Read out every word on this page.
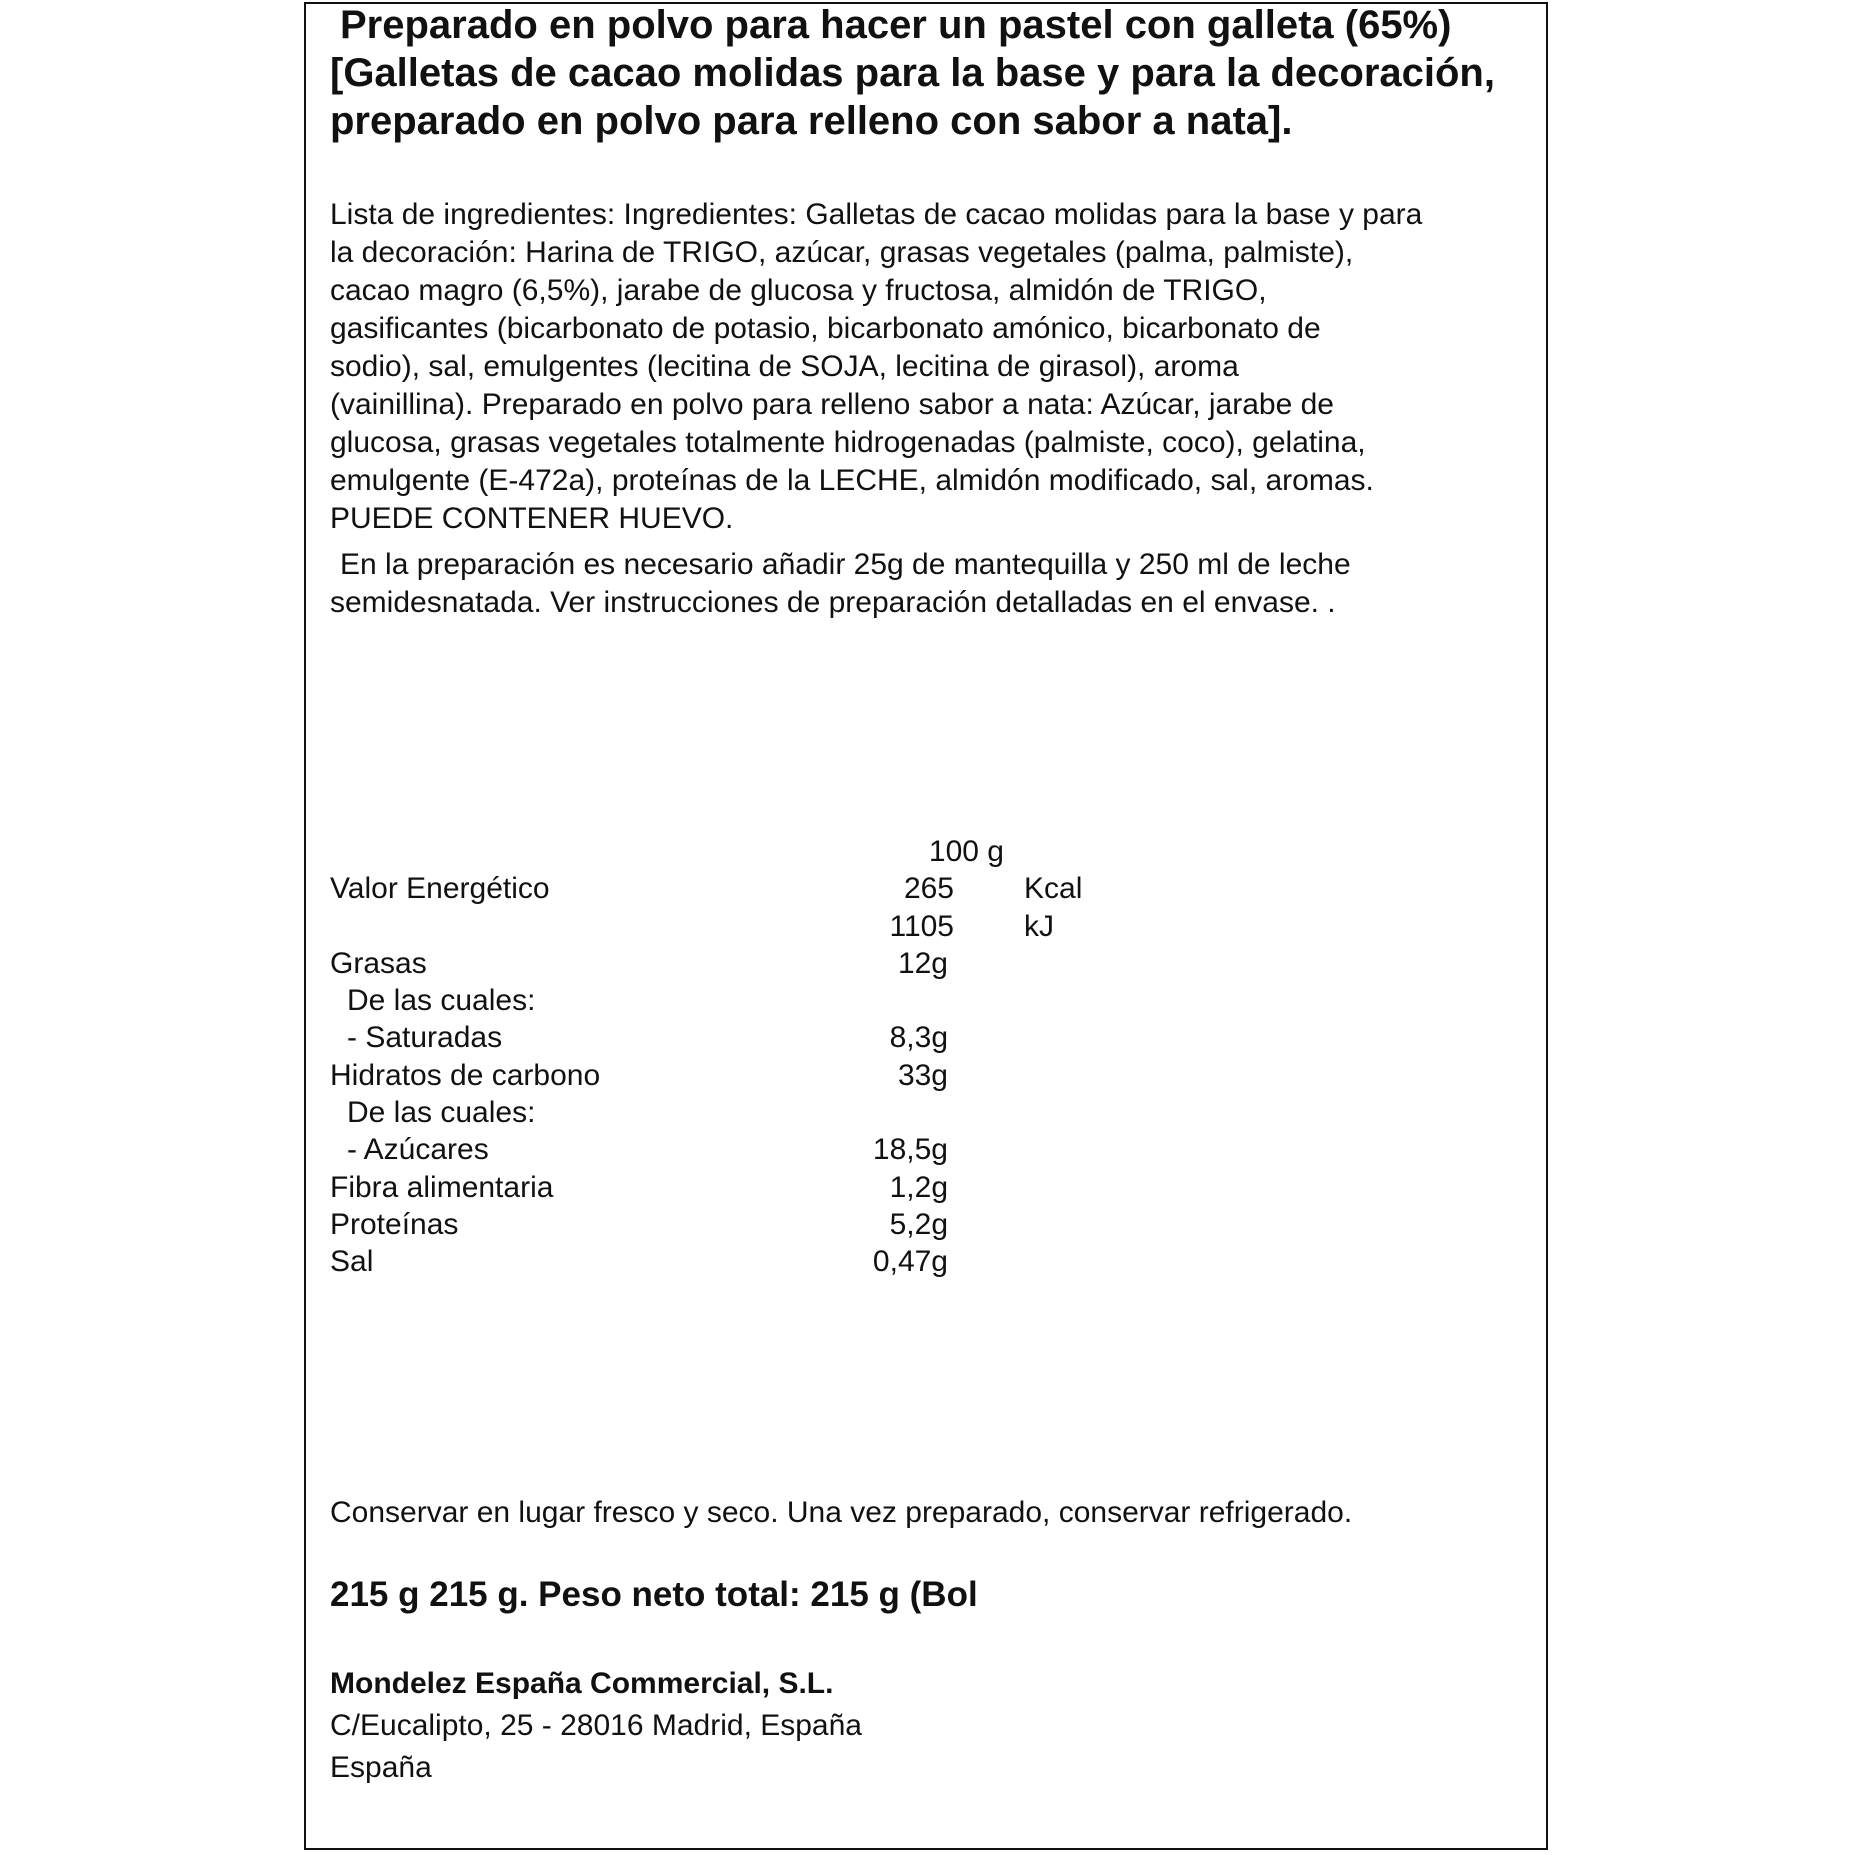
Preparado en polvo para hacer un pastel con galleta (65%)
[Galletas de cacao molidas para la base y para la decoración,
preparado en polvo para relleno con sabor a nata].
Lista de ingredientes: Ingredientes: Galletas de cacao molidas para la base y para
la decoración: Harina de TRIGO, azúcar, grasas vegetales (palma, palmiste),
cacao magro (6,5%), jarabe de glucosa y fructosa, almidón de TRIGO,
gasificantes (bicarbonato de potasio, bicarbonato amónico, bicarbonato de
sodio), sal, emulgentes (lecitina de SOJA, lecitina de girasol), aroma
(vainillina). Preparado en polvo para relleno sabor a nata: Azúcar, jarabe de
glucosa, grasas vegetales totalmente hidrogenadas (palmiste, coco), gelatina,
emulgente (E-472a), proteínas de la LECHE, almidón modificado, sal, aromas.
PUEDE CONTENER HUEVO.
En la preparación es necesario añadir 25g de mantequilla y 250 ml de leche
semidesnatada. Ver instrucciones de preparación detalladas en el envase. .
100 g
Valor Energético	265 Kcal
1105 kJ
Grasas	12g
De las cuales:
- Saturadas	8,3g
Hidratos de carbono	33g
De las cuales:
- Azúcares	18,5g
Fibra alimentaria	1,2g
Proteínas	5,2g
Sal	0,47g
Conservar en lugar fresco y seco. Una vez preparado, conservar refrigerado.
215 g 215 g. Peso neto total: 215 g (Bol
Mondelez España Commercial, S.L.
C/Eucalipto, 25 - 28016 Madrid, España
España
